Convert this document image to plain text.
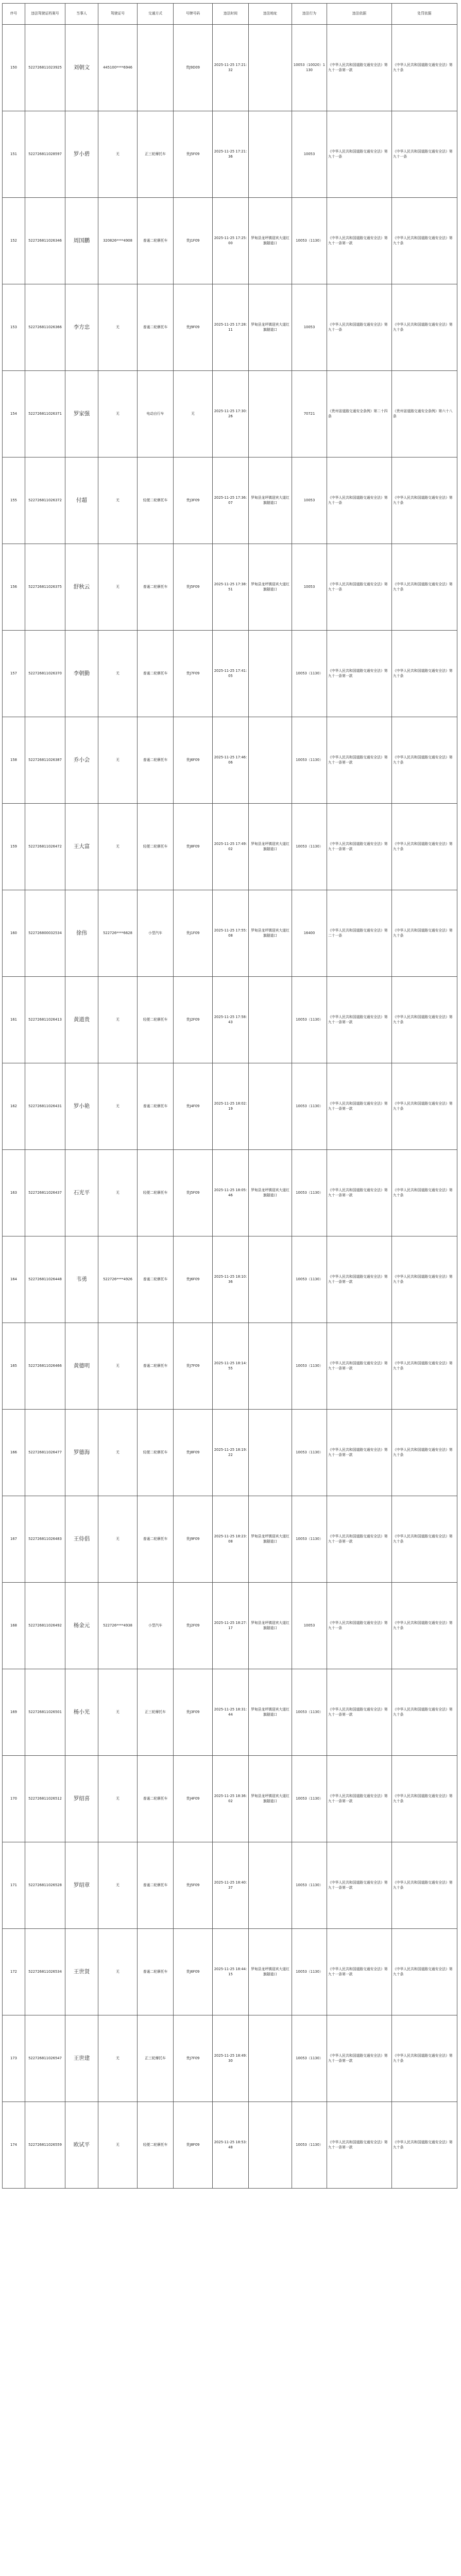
序号	违法驾驶证档案号	当事人	驾驶证号	交通方式	号牌号码	违法时间	违法地址	违法行为	违法依据	处罚依据
150	522726811023925	刘朝文	445100****6946		贵J9D09	2025-11-25 17:21:32		10053（10020）1130	《中华人民共和国道路交通安全法》第九十一条第一款	《中华人民共和国道路交通安全法》第九十条
151	522726811028597	罗小碧	无	正三轮摩托车	贵J5F09	2025-11-25 17:21:36		10053	《中华人民共和国道路交通安全法》第九十一条	《中华人民共和国道路交通安全法》第九十一条
152	522726811026346	周国鹏	320826****4908	普通二轮摩托车	贵J1F09	2025-11-25 17:25:00	罗甸县龙坪镇迎宾大道红旗隧道口	10053（1130）	《中华人民共和国道路交通安全法》第九十一条第一款	《中华人民共和国道路交通安全法》第九十条
153	522726811026366	李方忠	无	普通二轮摩托车	贵J9F09	2025-11-25 17:28:11	罗甸县龙坪镇迎宾大道红旗隧道口	10053	《中华人民共和国道路交通安全法》第九十一条	《中华人民共和国道路交通安全法》第九十条
154	522726811026371	罗家强	无	电动自行车	无	2025-11-25 17:30:26		70721	《贵州省道路交通安全条例》第二十四条	《贵州省道路交通安全条例》第六十八条
155	522726811026372	付超	无	轻便二轮摩托车	贵J3F09	2025-11-25 17:36:07	罗甸县龙坪镇迎宾大道红旗隧道口	10053	《中华人民共和国道路交通安全法》第九十一条	《中华人民共和国道路交通安全法》第九十条
156	522726811026375	舒秋云	无	普通二轮摩托车	贵J5F09	2025-11-25 17:38:51	罗甸县龙坪镇迎宾大道红旗隧道口	10053	《中华人民共和国道路交通安全法》第九十一条	《中华人民共和国道路交通安全法》第九十条
157	522726811026370	李朝勤	无	普通二轮摩托车	贵J7F09	2025-11-25 17:41:05		10053（1130）	《中华人民共和国道路交通安全法》第九十一条第一款	《中华人民共和国道路交通安全法》第九十条
158	522726811026387	乔小会	无	普通二轮摩托车	贵J6F09	2025-11-25 17:46:06		10053（1130）	《中华人民共和国道路交通安全法》第九十一条第一款	《中华人民共和国道路交通安全法》第九十条
159	522726811026472	王大富	无	轻便二轮摩托车	贵J8F09	2025-11-25 17:49:02	罗甸县龙坪镇迎宾大道红旗隧道口	10053（1130）	《中华人民共和国道路交通安全法》第九十一条第一款	《中华人民共和国道路交通安全法》第九十条
160	522726800032534	徐伟	522726****6628	小型汽车	贵J1F09	2025-11-25 17:55:08	罗甸县龙坪镇迎宾大道红旗隧道口	16400	《中华人民共和国道路交通安全法》第二十一条	《中华人民共和国道路交通安全法》第九十条
161	522726811026413	黄道贵	无	轻便二轮摩托车	贵J2F09	2025-11-25 17:58:43		10053（1130）	《中华人民共和国道路交通安全法》第九十一条第一款	《中华人民共和国道路交通安全法》第九十条
162	522726811026431	罗小艳	无	普通二轮摩托车	贵J4F09	2025-11-25 18:02:19		10053（1130）	《中华人民共和国道路交通安全法》第九十一条第一款	《中华人民共和国道路交通安全法》第九十条
163	522726811026437	石光平	无	轻便二轮摩托车	贵J5F09	2025-11-25 18:05:46	罗甸县龙坪镇迎宾大道红旗隧道口	10053（1130）	《中华人民共和国道路交通安全法》第九十一条第一款	《中华人民共和国道路交通安全法》第九十条
164	522726811026448	韦勇	522726****4926	普通二轮摩托车	贵J6F09	2025-11-25 18:10:36		10053（1130）	《中华人民共和国道路交通安全法》第九十一条第一款	《中华人民共和国道路交通安全法》第九十条
165	522726811026466	黄德明	无	普通二轮摩托车	贵J7F09	2025-11-25 18:14:55		10053（1130）	《中华人民共和国道路交通安全法》第九十一条第一款	《中华人民共和国道路交通安全法》第九十条
166	522726811026477	罗德海	无	轻便二轮摩托车	贵J8F09	2025-11-25 18:19:22		10053（1130）	《中华人民共和国道路交通安全法》第九十一条第一款	《中华人民共和国道路交通安全法》第九十条
167	522726811026483	王侍倡	无	普通二轮摩托车	贵J9F09	2025-11-25 18:23:08	罗甸县龙坪镇迎宾大道红旗隧道口	10053（1130）	《中华人民共和国道路交通安全法》第九十一条第一款	《中华人民共和国道路交通安全法》第九十条
168	522726811026492	杨金元	522726****4938	小型汽车	贵J2F09	2025-11-25 18:27:17	罗甸县龙坪镇迎宾大道红旗隧道口	10053	《中华人民共和国道路交通安全法》第九十一条	《中华人民共和国道路交通安全法》第九十条
169	522726811026501	杨小光	无	正三轮摩托车	贵J3F09	2025-11-25 18:31:44	罗甸县龙坪镇迎宾大道红旗隧道口	10053（1130）	《中华人民共和国道路交通安全法》第九十一条第一款	《中华人民共和国道路交通安全法》第九十条
170	522726811026512	罗绍喜	无	普通二轮摩托车	贵J4F09	2025-11-25 18:36:02	罗甸县龙坪镇迎宾大道红旗隧道口	10053（1130）	《中华人民共和国道路交通安全法》第九十一条第一款	《中华人民共和国道路交通安全法》第九十条
171	522726811026528	罗绍章	无	普通二轮摩托车	贵J5F09	2025-11-25 18:40:37		10053（1130）	《中华人民共和国道路交通安全法》第九十一条第一款	《中华人民共和国道路交通安全法》第九十条
172	522726811026534	王世贤	无	普通二轮摩托车	贵J6F09	2025-11-25 18:44:15	罗甸县龙坪镇迎宾大道红旗隧道口	10053（1130）	《中华人民共和国道路交通安全法》第九十一条第一款	《中华人民共和国道路交通安全法》第九十条
173	522726811026547	王世建	无	正三轮摩托车	贵J7F09	2025-11-25 18:49:30		10053（1130）	《中华人民共和国道路交通安全法》第九十一条第一款	《中华人民共和国道路交通安全法》第九十条
174	522726811026559	欧试平	无	轻便二轮摩托车	贵J8F09	2025-11-25 18:53:48		10053（1130）	《中华人民共和国道路交通安全法》第九十一条第一款	《中华人民共和国道路交通安全法》第九十条
